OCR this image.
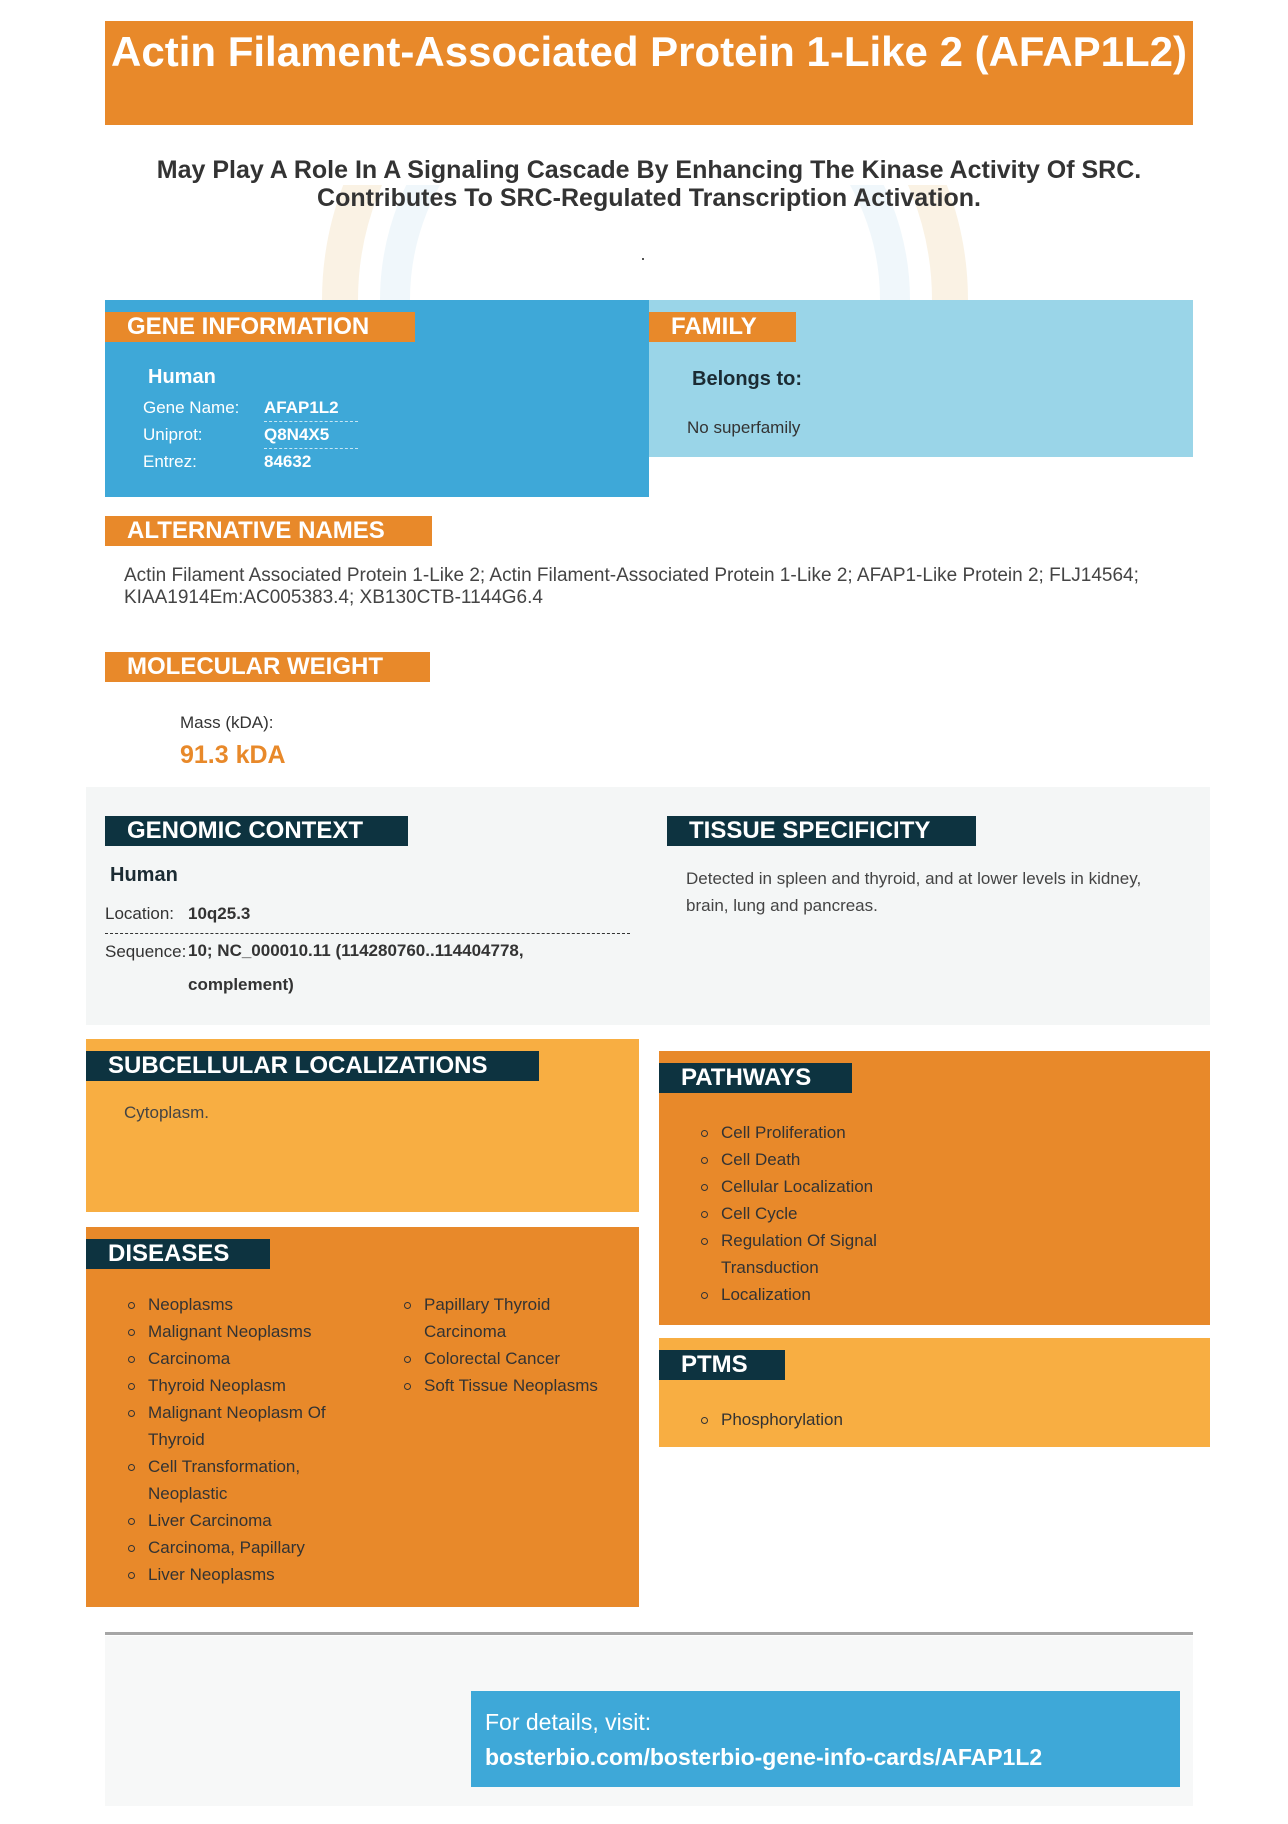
Actin Filament-Associated Protein 1-Like 2 (AFAP1L2)
May Play A Role In A Signaling Cascade By Enhancing The Kinase Activity Of SRC. Contributes To SRC-Regulated Transcription Activation.
GENE INFORMATION
Human
Gene Name: AFAP1L2
Uniprot:	Q8N4X5
Entrez:	84632
FAMILY
Belongs to:
No superfamily
ALTERNATIVE NAMES
Actin Filament Associated Protein 1-Like 2; Actin Filament-Associated Protein 1-Like 2; AFAP1-Like Protein 2; FLJ14564; KIAA1914Em:AC005383.4; XB130CTB-1144G6.4
MOLECULAR WEIGHT
Mass (kDA):
91.3 kDA
GENOMIC CONTEXT
Human
Location: 10q25.3
Sequence: 10; NC_000010.11 (114280760..114404778, complement)
TISSUE SPECIFICITY
Detected in spleen and thyroid, and at lower levels in kidney, brain, lung and pancreas.
SUBCELLULAR LOCALIZATIONS
Cytoplasm.
DISEASES
Neoplasms
Malignant Neoplasms
Carcinoma
Thyroid Neoplasm
Malignant Neoplasm Of Thyroid
Cell Transformation, Neoplastic
Liver Carcinoma
Carcinoma, Papillary
Liver Neoplasms
Papillary Thyroid Carcinoma
Colorectal Cancer
Soft Tissue Neoplasms
PATHWAYS
Cell Proliferation
Cell Death
Cellular Localization
Cell Cycle
Regulation Of Signal Transduction
Localization
PTMS
Phosphorylation
For details, visit:
bosterbio.com/bosterbio-gene-info-cards/AFAP1L2
